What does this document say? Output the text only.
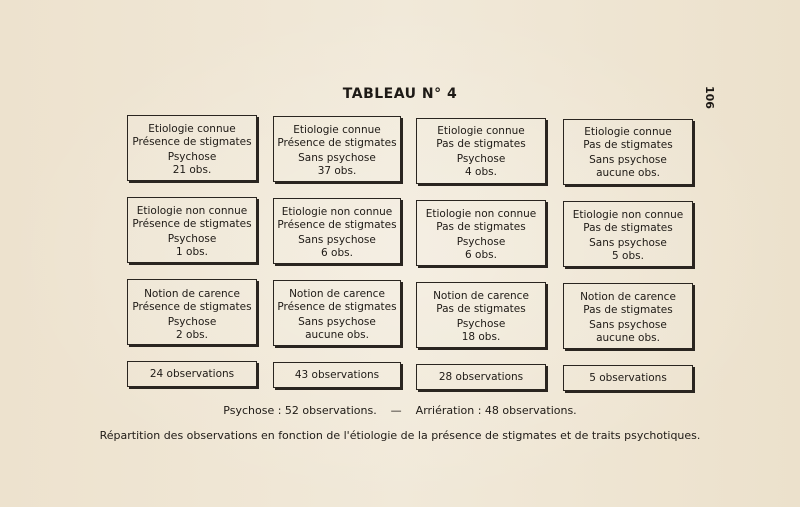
TABLEAU N° 4	106
Etiologie connue
Présence de stigmates
Psychose
21 obs.
Etiologie connue
Présence de stigmates
Sans psychose
37 obs.
Etiologie connue
Pas de stigmates
Psychose
4 obs.
Etiologie connue
Pas de stigmates
Sans psychose
aucune obs.
Etiologie non connue
Présence de stigmates
Psychose
1 obs.
Etiologie non connue
Présence de stigmates
Sans psychose
6 obs.
Etiologie non connue
Pas de stigmates
Psychose
6 obs.
Etiologie non connue
Pas de stigmates
Sans psychose
5 obs.
Notion de carence
Présence de stigmates
Psychose
2 obs.
Notion de carence
Présence de stigmates
Sans psychose
aucune obs.
Notion de carence
Pas de stigmates
Psychose
18 obs.
Notion de carence
Pas de stigmates
Sans psychose
aucune obs.
24 observations	43 observations	28 observations	5 observations
Psychose : 52 observations.    —    Arriération : 48 observations.
Répartition des observations en fonction de l'étiologie de la présence de stigmates et de traits psychotiques.
